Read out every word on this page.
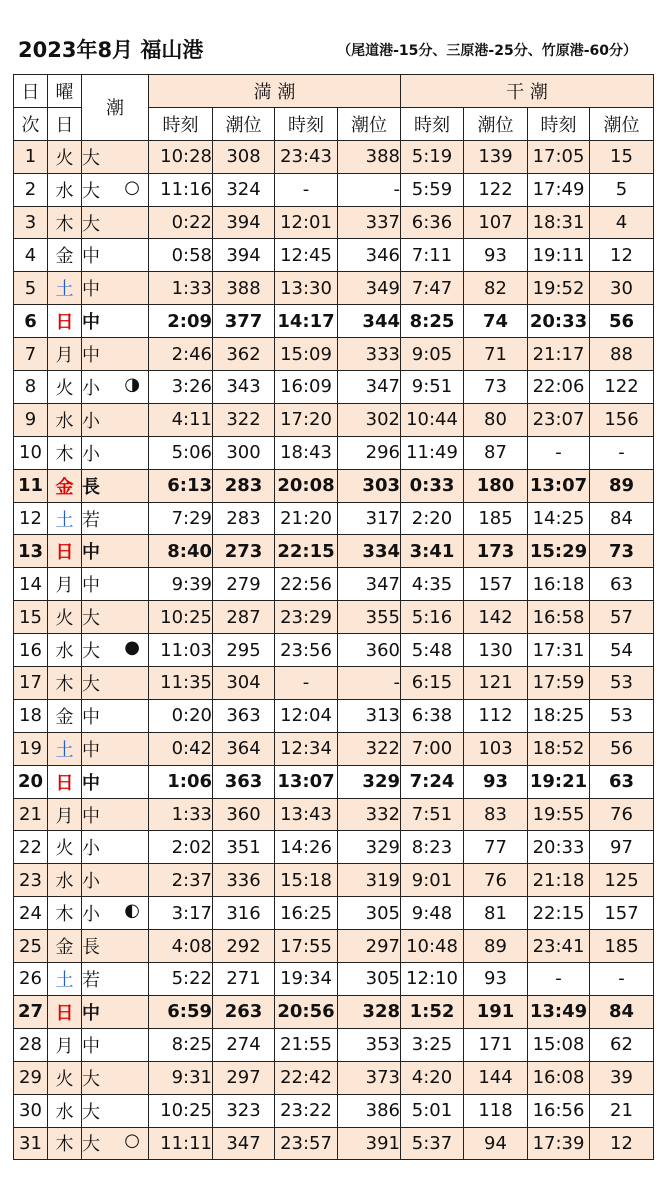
2023年8月 福山港	（尾道港-15分、三原港-25分、竹原港-60分）
日	曜	潮	満 潮				干 潮			
次	日		時刻	潮位	時刻	潮位	時刻	潮位	時刻	潮位
1	火	大	10:28	308	23:43	388	5:19	139	17:05	15
2	水	大 ○	11:16	324	-	-	5:59	122	17:49	5
3	木	大	0:22	394	12:01	337	6:36	107	18:31	4
4	金	中	0:58	394	12:45	346	7:11	93	19:11	12
5	土	中	1:33	388	13:30	349	7:47	82	19:52	30
6	日	中	2:09	377	14:17	344	8:25	74	20:33	56
7	月	中	2:46	362	15:09	333	9:05	71	21:17	88
8	火	小 ◑	3:26	343	16:09	347	9:51	73	22:06	122
9	水	小	4:11	322	17:20	302	10:44	80	23:07	156
10	木	小	5:06	300	18:43	296	11:49	87	-	-
11	金	長	6:13	283	20:08	303	0:33	180	13:07	89
12	土	若	7:29	283	21:20	317	2:20	185	14:25	84
13	日	中	8:40	273	22:15	334	3:41	173	15:29	73
14	月	中	9:39	279	22:56	347	4:35	157	16:18	63
15	火	大	10:25	287	23:29	355	5:16	142	16:58	57
16	水	大 ●	11:03	295	23:56	360	5:48	130	17:31	54
17	木	大	11:35	304	-	-	6:15	121	17:59	53
18	金	中	0:20	363	12:04	313	6:38	112	18:25	53
19	土	中	0:42	364	12:34	322	7:00	103	18:52	56
20	日	中	1:06	363	13:07	329	7:24	93	19:21	63
21	月	中	1:33	360	13:43	332	7:51	83	19:55	76
22	火	小	2:02	351	14:26	329	8:23	77	20:33	97
23	水	小	2:37	336	15:18	319	9:01	76	21:18	125
24	木	小 ◐	3:17	316	16:25	305	9:48	81	22:15	157
25	金	長	4:08	292	17:55	297	10:48	89	23:41	185
26	土	若	5:22	271	19:34	305	12:10	93	-	-
27	日	中	6:59	263	20:56	328	1:52	191	13:49	84
28	月	中	8:25	274	21:55	353	3:25	171	15:08	62
29	火	大	9:31	297	22:42	373	4:20	144	16:08	39
30	水	大	10:25	323	23:22	386	5:01	118	16:56	21
31	木	大 ○	11:11	347	23:57	391	5:37	94	17:39	12
